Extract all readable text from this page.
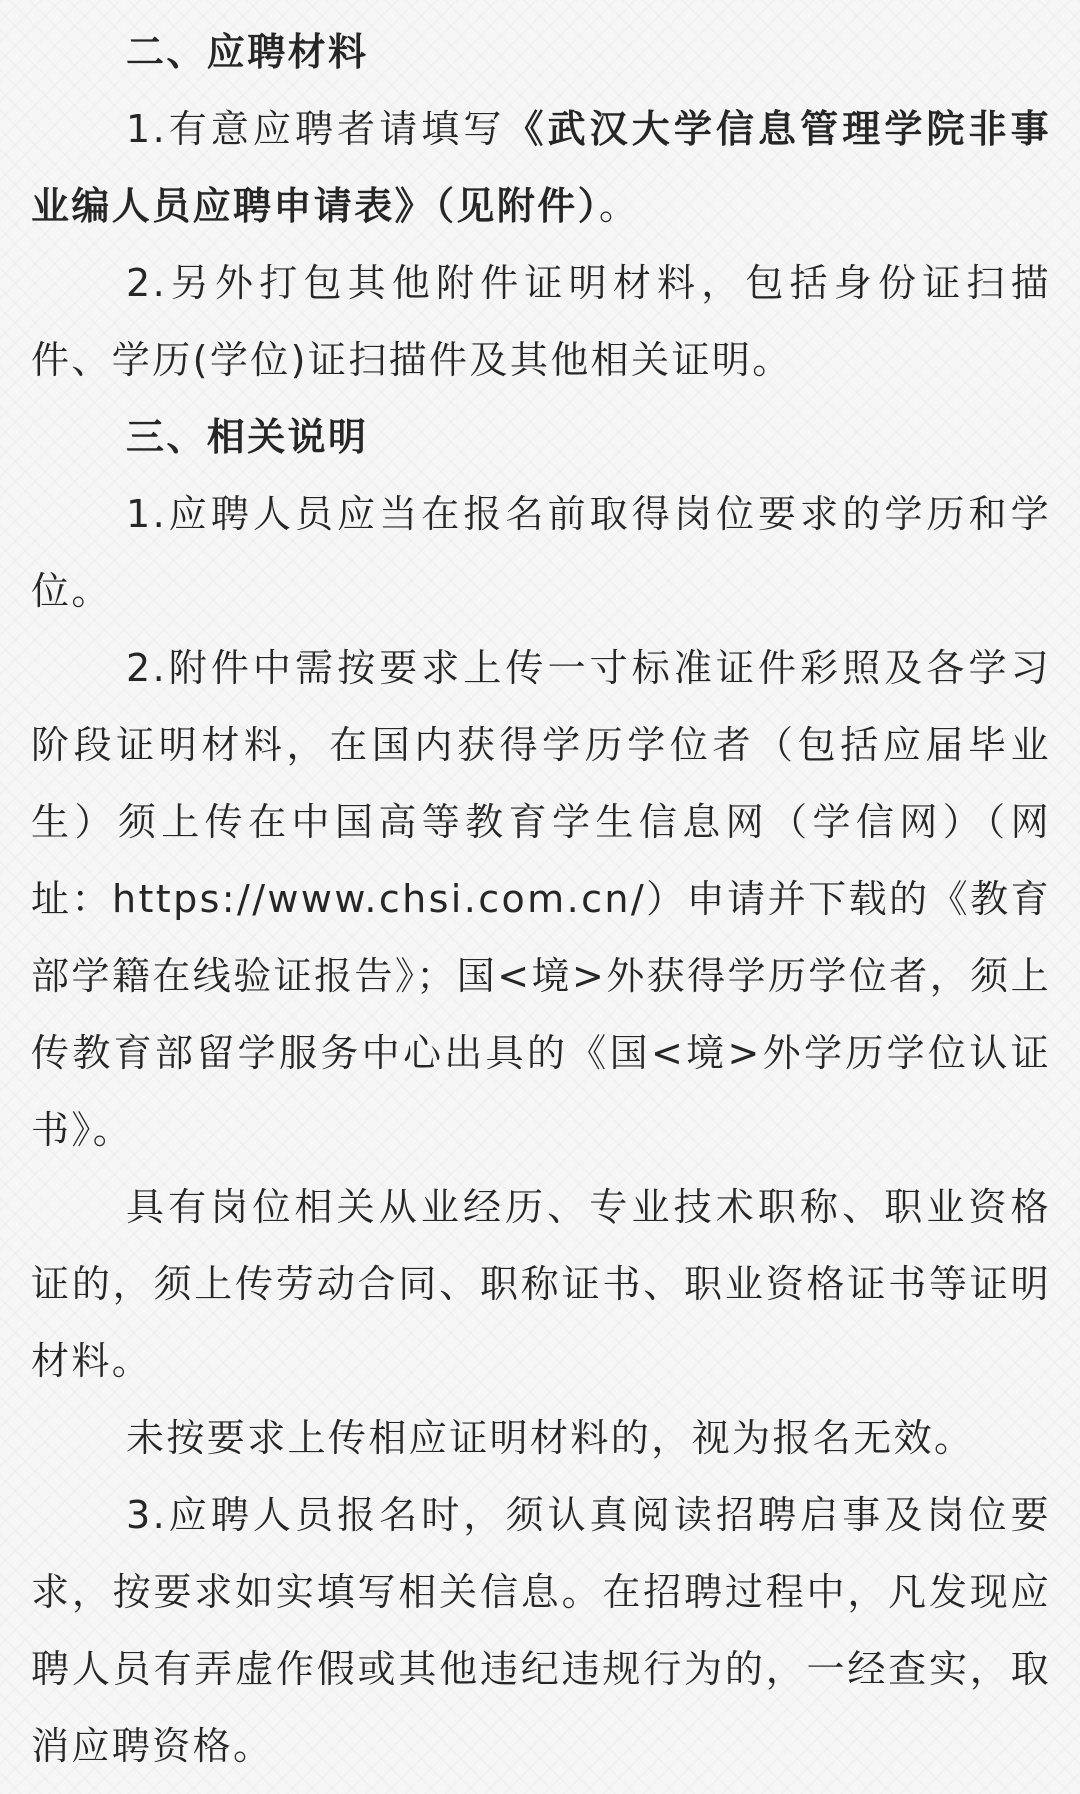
二、应聘材料

1.有意应聘者请填写《武汉大学信息管理学院非事业编人员应聘申请表》（见附件）。

2.另外打包其他附件证明材料，包括身份证扫描件、学历(学位)证扫描件及其他相关证明。

三、相关说明

1.应聘人员应当在报名前取得岗位要求的学历和学位。

2.附件中需按要求上传一寸标准证件彩照及各学习阶段证明材料，在国内获得学历学位者（包括应届毕业生）须上传在中国高等教育学生信息网（学信网）（网址：https://www.chsi.com.cn/）申请并下载的《教育部学籍在线验证报告》；国<境>外获得学历学位者，须上传教育部留学服务中心出具的《国<境>外学历学位认证书》。

具有岗位相关从业经历、专业技术职称、职业资格证的，须上传劳动合同、职称证书、职业资格证书等证明材料。

未按要求上传相应证明材料的，视为报名无效。

3.应聘人员报名时，须认真阅读招聘启事及岗位要求，按要求如实填写相关信息。在招聘过程中，凡发现应聘人员有弄虚作假或其他违纪违规行为的，一经查实，取消应聘资格。
